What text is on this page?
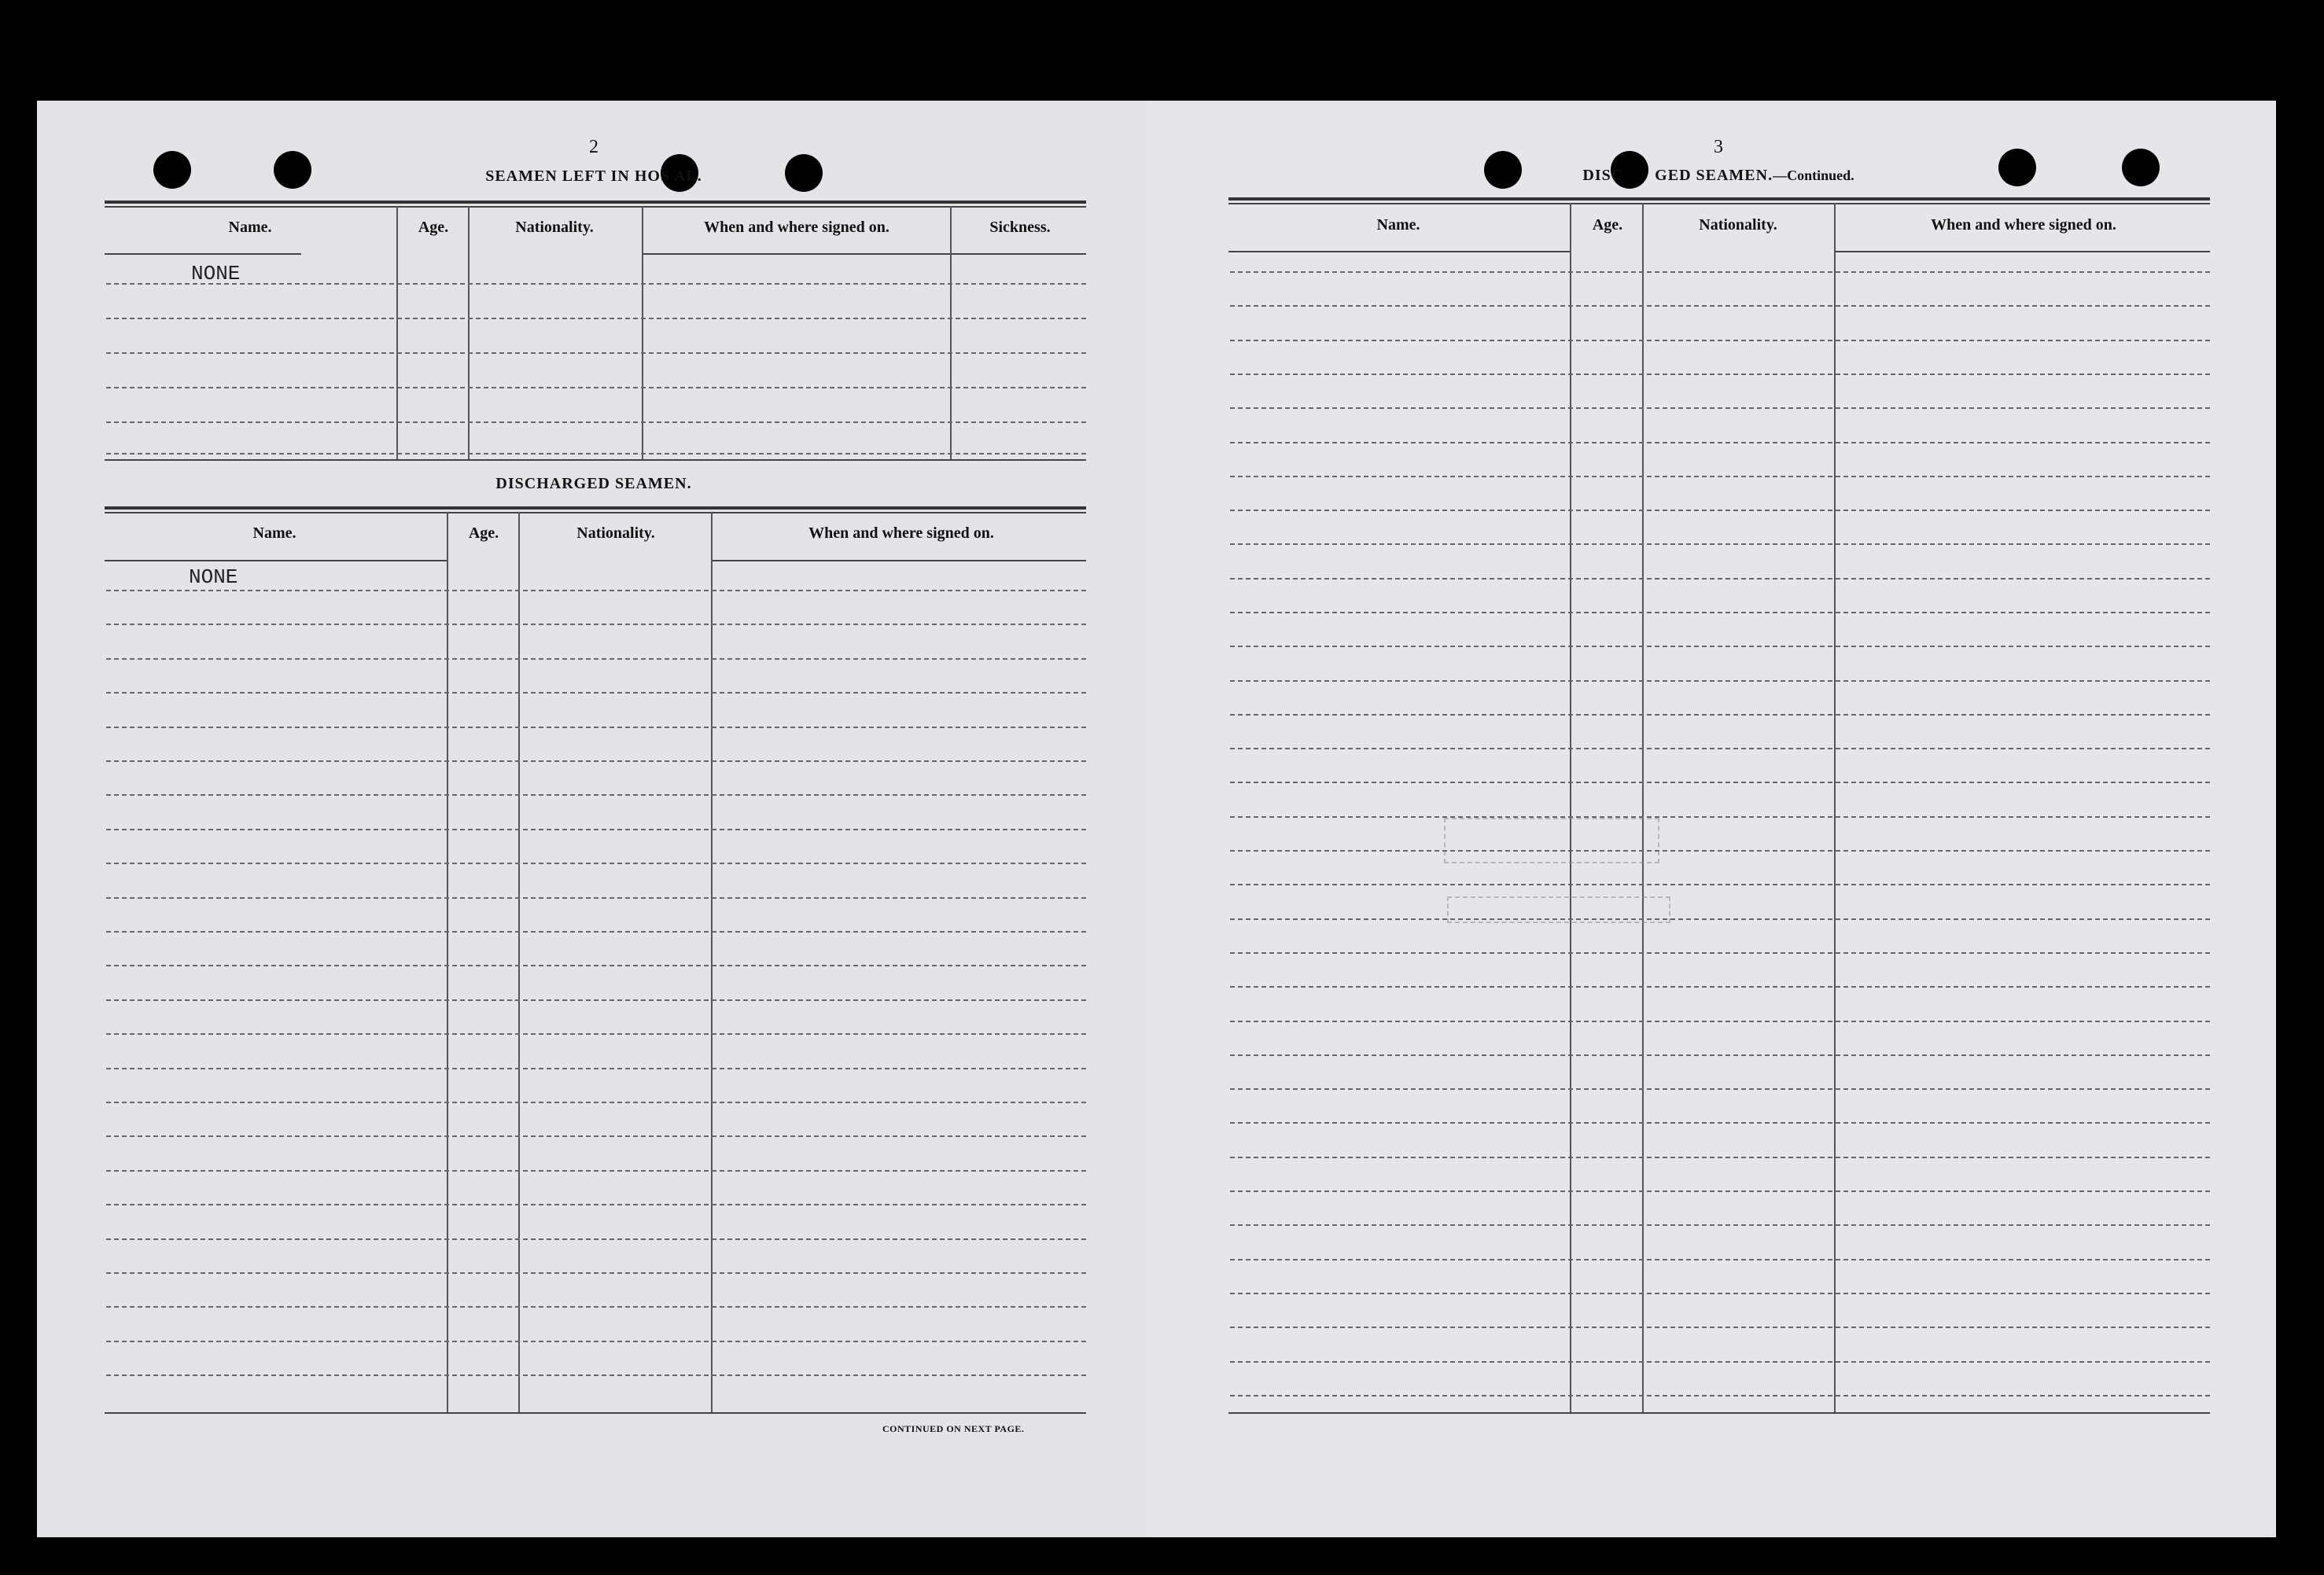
2
SEAMEN LEFT IN HOS AL.
Name.	Age.	Nationality.	When and where signed on.	Sickness.
NONE
DISCHARGED SEAMEN.
Name.	Age.	Nationality.	When and where signed on.
NONE
CONTINUED ON NEXT PAGE.
3
DISC GED SEAMEN.—Continued.
Name.	Age.	Nationality.	When and where signed on.
